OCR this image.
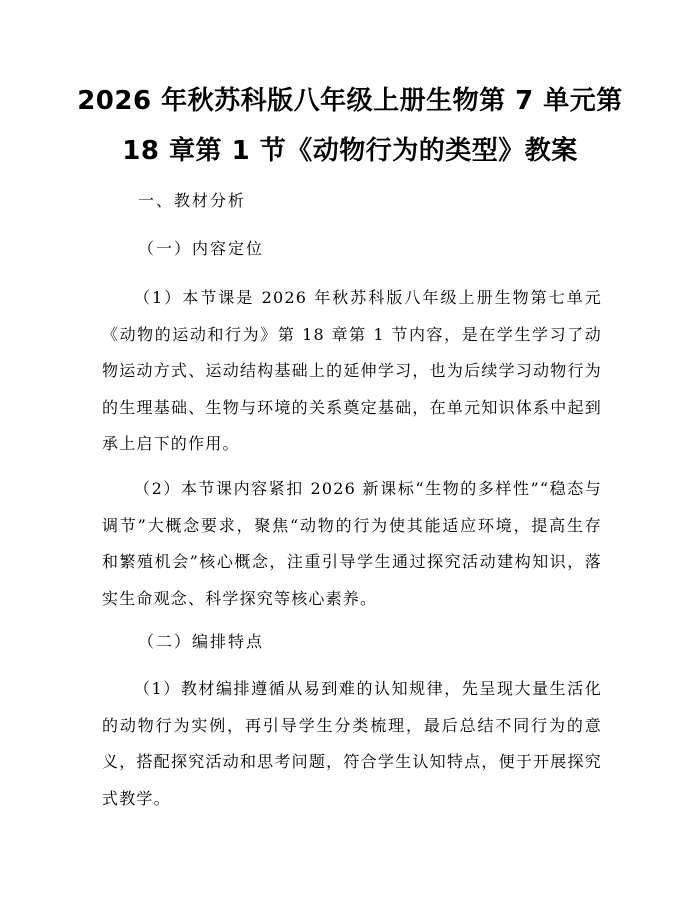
2026 年秋苏科版八年级上册生物第 7 单元第
18 章第 1 节《动物行为的类型》教案
一、教材分析
（一）内容定位
（1）本节课是 2026 年秋苏科版八年级上册生物第七单元《动物的运动和行为》第 18 章第 1 节内容，是在学生学习了动物运动方式、运动结构基础上的延伸学习，也为后续学习动物行为的生理基础、生物与环境的关系奠定基础，在单元知识体系中起到承上启下的作用。
（2）本节课内容紧扣 2026 新课标“生物的多样性”“稳态与调节”大概念要求，聚焦“动物的行为使其能适应环境，提高生存和繁殖机会”核心概念，注重引导学生通过探究活动建构知识，落实生命观念、科学探究等核心素养。
（二）编排特点
（1）教材编排遵循从易到难的认知规律，先呈现大量生活化的动物行为实例，再引导学生分类梳理，最后总结不同行为的意义，搭配探究活动和思考问题，符合学生认知特点，便于开展探究式教学。
